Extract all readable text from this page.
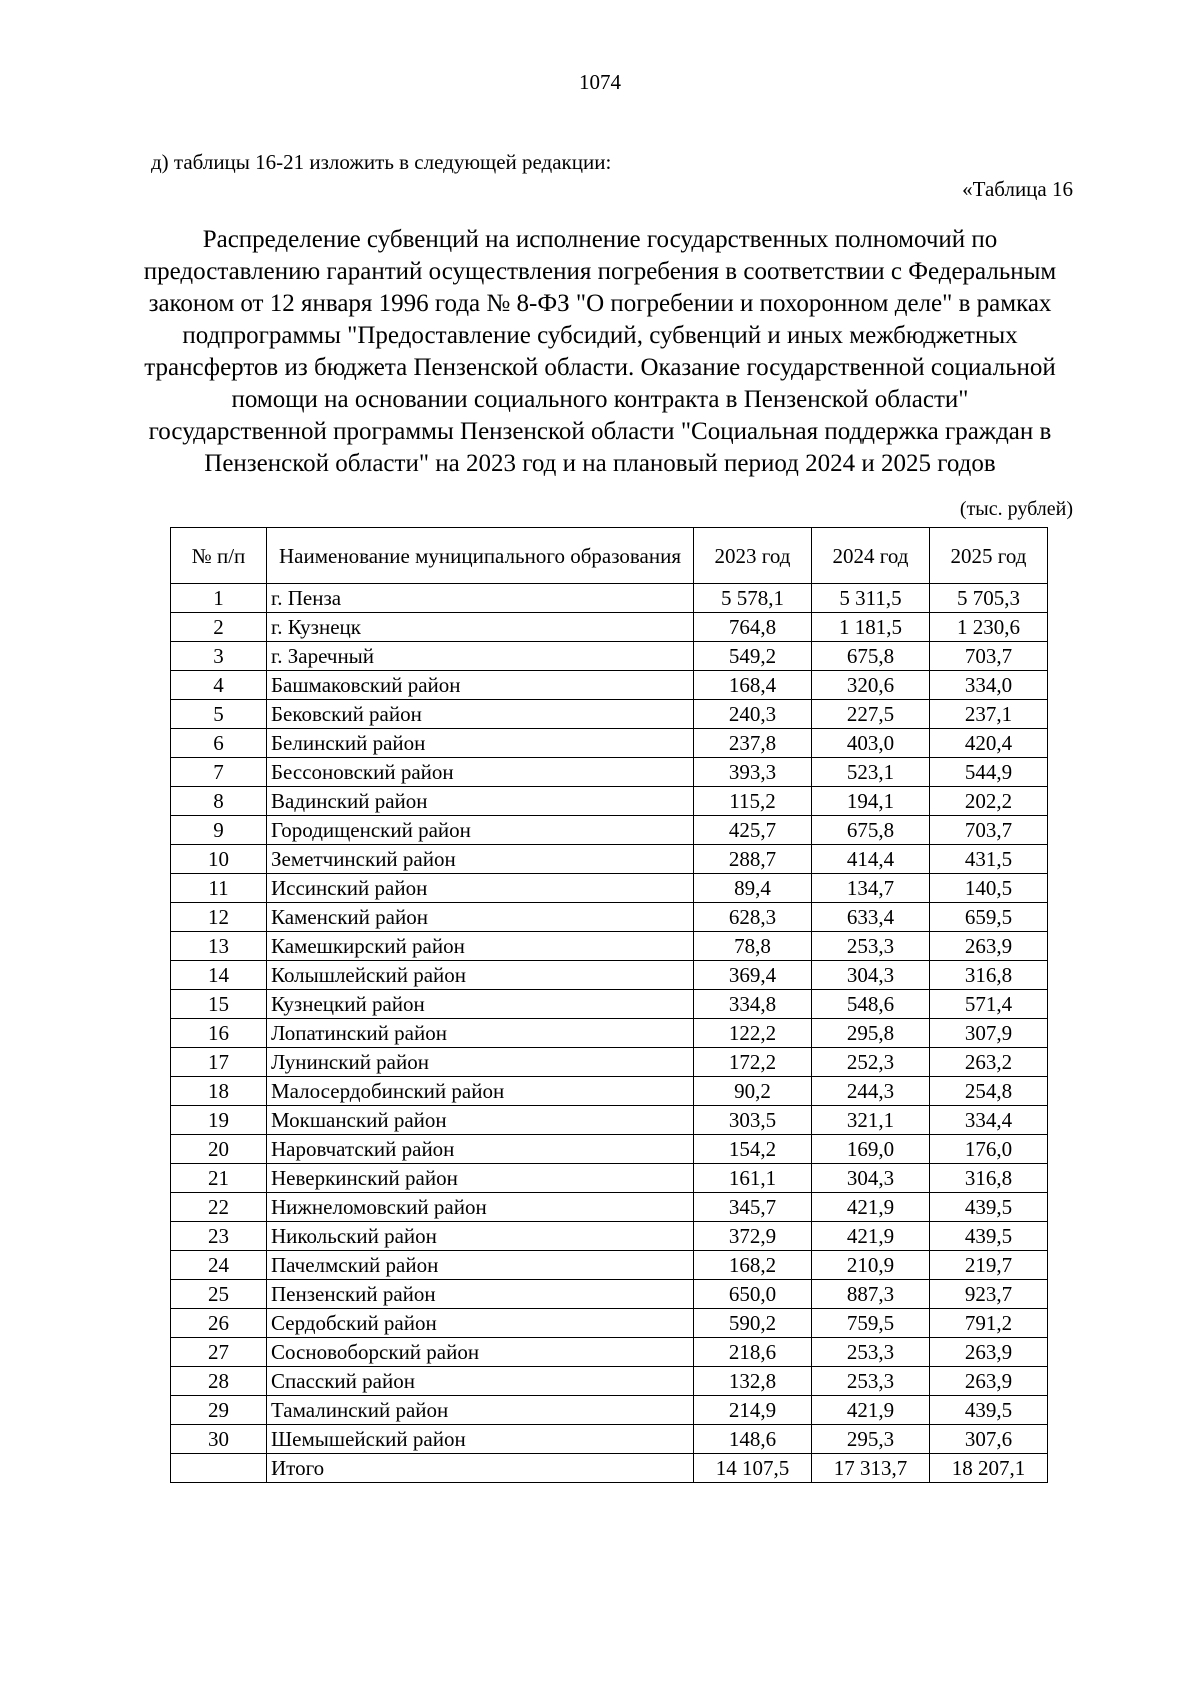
1074
д) таблицы 16-21 изложить в следующей редакции:
«Таблица 16
Распределение субвенций на исполнение государственных полномочий по предоставлению гарантий осуществления погребения в соответствии с Федеральным законом от 12 января 1996 года № 8-ФЗ "О погребении и похоронном деле" в рамках подпрограммы "Предоставление субсидий, субвенций и иных межбюджетных трансфертов из бюджета Пензенской области. Оказание государственной социальной помощи на основании социального контракта в Пензенской области" государственной программы Пензенской области "Социальная поддержка граждан в Пензенской области" на 2023 год и на плановый период 2024 и 2025 годов
(тыс. рублей)
№ п/п	Наименование муниципального образования	2023 год	2024 год	2025 год
1	г. Пенза	5 578,1	5 311,5	5 705,3
2	г. Кузнецк	764,8	1 181,5	1 230,6
3	г. Заречный	549,2	675,8	703,7
4	Башмаковский район	168,4	320,6	334,0
5	Бековский район	240,3	227,5	237,1
6	Белинский район	237,8	403,0	420,4
7	Бессоновский район	393,3	523,1	544,9
8	Вадинский район	115,2	194,1	202,2
9	Городищенский район	425,7	675,8	703,7
10	Земетчинский район	288,7	414,4	431,5
11	Иссинский район	89,4	134,7	140,5
12	Каменский район	628,3	633,4	659,5
13	Камешкирский район	78,8	253,3	263,9
14	Колышлейский район	369,4	304,3	316,8
15	Кузнецкий район	334,8	548,6	571,4
16	Лопатинский район	122,2	295,8	307,9
17	Лунинский район	172,2	252,3	263,2
18	Малосердобинский район	90,2	244,3	254,8
19	Мокшанский район	303,5	321,1	334,4
20	Наровчатский район	154,2	169,0	176,0
21	Неверкинский район	161,1	304,3	316,8
22	Нижнеломовский район	345,7	421,9	439,5
23	Никольский район	372,9	421,9	439,5
24	Пачелмский район	168,2	210,9	219,7
25	Пензенский район	650,0	887,3	923,7
26	Сердобский район	590,2	759,5	791,2
27	Сосновоборский район	218,6	253,3	263,9
28	Спасский район	132,8	253,3	263,9
29	Тамалинский район	214,9	421,9	439,5
30	Шемышейский район	148,6	295,3	307,6
	Итого	14 107,5	17 313,7	18 207,1
